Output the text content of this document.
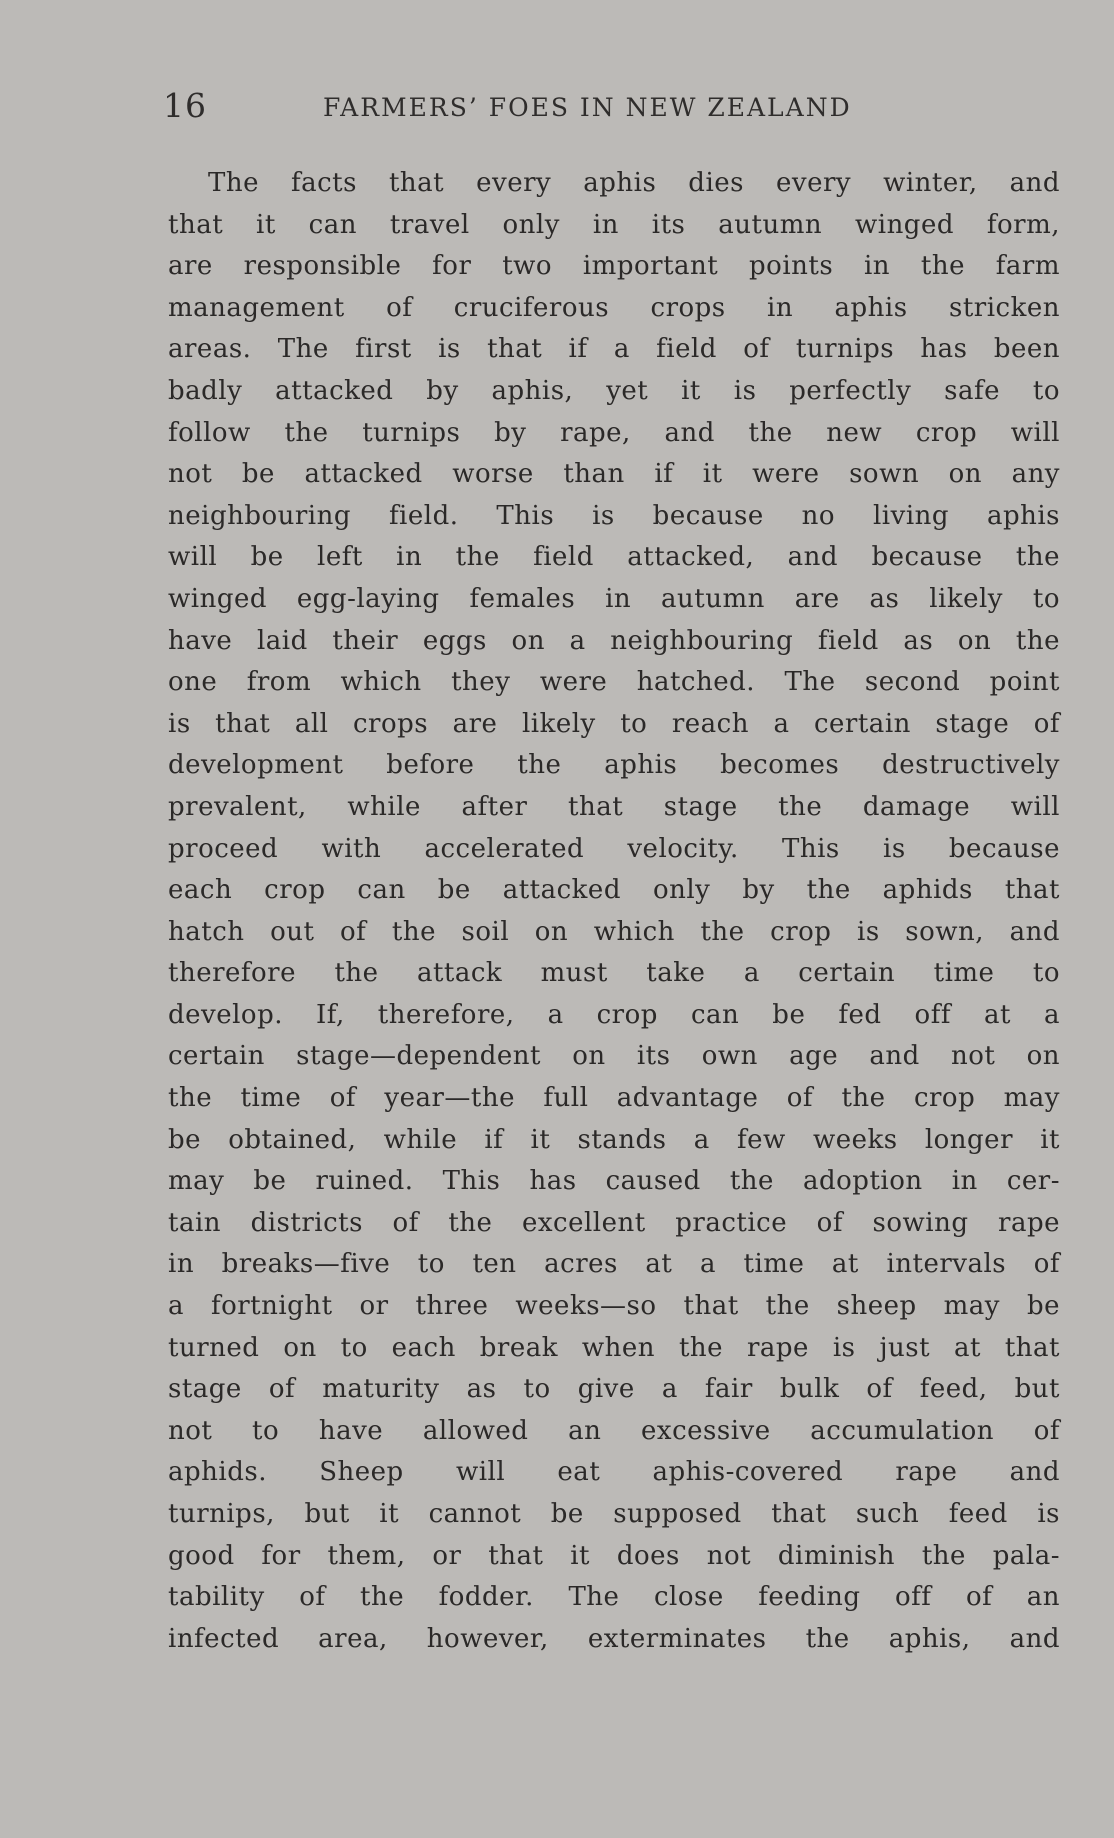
16	FARMERS’ FOES IN NEW ZEALAND
The facts that every aphis dies every winter, and
that it can travel only in its autumn winged form,
are responsible for two important points in the farm
management of cruciferous crops in aphis stricken
areas. The first is that if a field of turnips has been
badly attacked by aphis, yet it is perfectly safe to
follow the turnips by rape, and the new crop will
not be attacked worse than if it were sown on any
neighbouring field. This is because no living aphis
will be left in the field attacked, and because the
winged egg-laying females in autumn are as likely to
have laid their eggs on a neighbouring field as on the
one from which they were hatched. The second point
is that all crops are likely to reach a certain stage of
development before the aphis becomes destructively
prevalent, while after that stage the damage will
proceed with accelerated velocity. This is because
each crop can be attacked only by the aphids that
hatch out of the soil on which the crop is sown, and
therefore the attack must take a certain time to
develop. If, therefore, a crop can be fed off at a
certain stage—dependent on its own age and not on
the time of year—the full advantage of the crop may
be obtained, while if it stands a few weeks longer it
may be ruined. This has caused the adoption in cer-
tain districts of the excellent practice of sowing rape
in breaks—five to ten acres at a time at intervals of
a fortnight or three weeks—so that the sheep may be
turned on to each break when the rape is just at that
stage of maturity as to give a fair bulk of feed, but
not to have allowed an excessive accumulation of
aphids. Sheep will eat aphis-covered rape and
turnips, but it cannot be supposed that such feed is
good for them, or that it does not diminish the pala-
tability of the fodder. The close feeding off of an
infected area, however, exterminates the aphis, and
